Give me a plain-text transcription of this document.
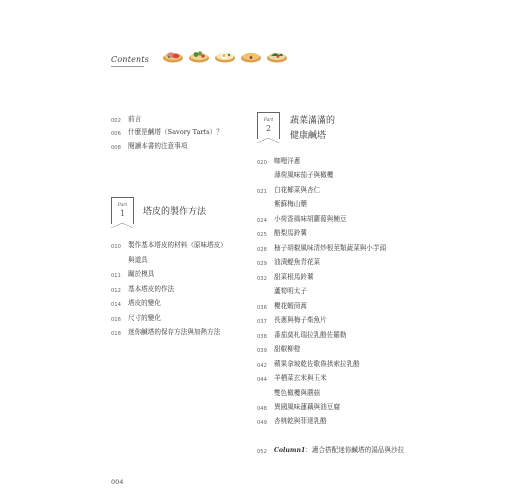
Contents
002 前言
006 什麼是鹹塔（Savory Tarts）？
008 閱讀本書的注意事項
Part
1	塔皮的製作方法
010 製作基本塔皮的材料（原味塔皮）
與道具
011 關於模具
012 基本塔皮的作法
014 塔皮的變化
016 尺寸的變化
018 迷你鹹塔的保存方法與加熱方法
Part
2
蔬菜滿滿的
健康鹹塔
020 咖哩洋蔥
薄荷風味茄子與橄欖
021 白花椰菜與杏仁
紫蘇梅山藥
024 小荷香風味胡蘿蔔與鮪豆
025 酪梨馬鈴薯
028 柚子胡椒風味清炒根莖類蔬菜與小芋頭
029 油漬鯷魚青花菜
032 甜菜根馬鈴薯
蘆筍明太子
036 櫻花蝦茼蒿
037 長蔥與梅子柴魚片
038 番茄莫札瑞拉乳酪佐羅勒
039 甜椒柳橙
042 蘋果拿坡乾佐歌魯拱索拉乳酪
044 羊栖菜玄米與玉米
雙色橄欖與蘑菇
048 異國風味蓮藕與油豆腐
049 杏桃乾與菲達乳酪
052 Column1：適合搭配迷你鹹塔的湯品與沙拉
004
